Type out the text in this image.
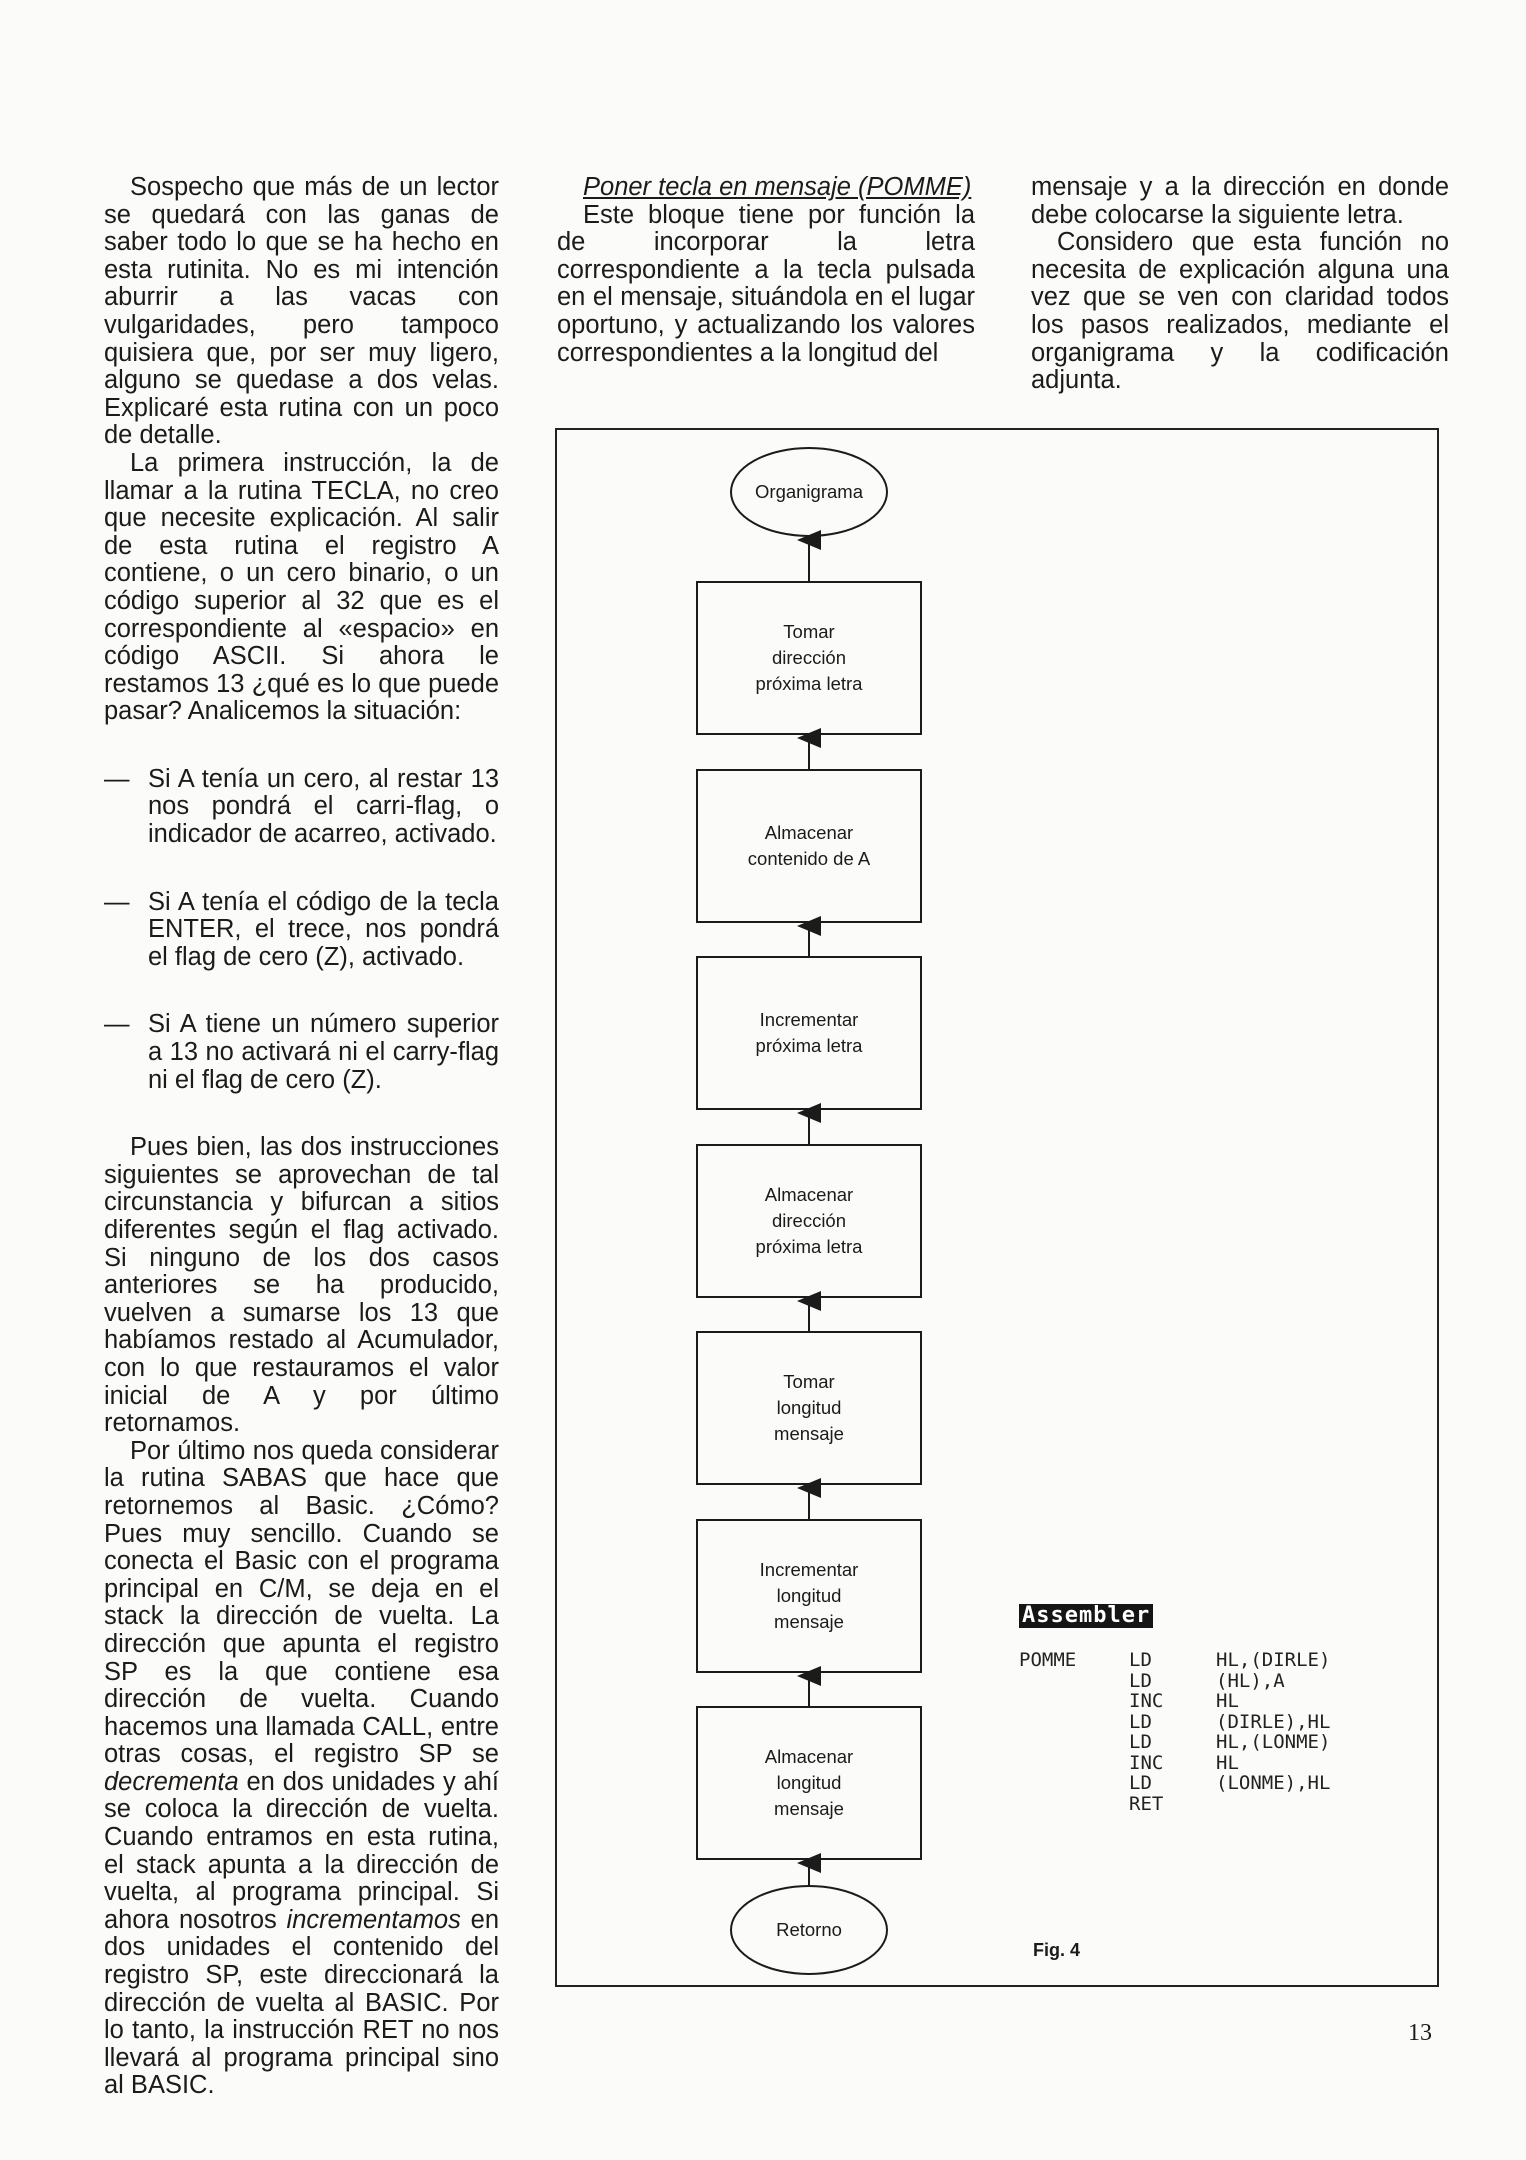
Sospecho que más de un lector se quedará con las ganas de saber todo lo que se ha hecho en esta rutinita. No es mi intención aburrir a las vacas con vulgaridades, pero tampoco quisiera que, por ser muy ligero, alguno se quedase a dos velas. Explicaré esta rutina con un poco de detalle.

La primera instrucción, la de llamar a la rutina TECLA, no creo que necesite explicación. Al salir de esta rutina el registro A contiene, o un cero binario, o un código superior al 32 que es el correspondiente al «espacio» en código ASCII. Si ahora le restamos 13 ¿qué es lo que puede pasar? Analicemos la situación:

— Si A tenía un cero, al restar 13 nos pondrá el carri-flag, o indicador de acarreo, activado.
— Si A tenía el código de la tecla ENTER, el trece, nos pondrá el flag de cero (Z), activado.
— Si A tiene un número superior a 13 no activará ni el carry-flag ni el flag de cero (Z).

Pues bien, las dos instrucciones siguientes se aprovechan de tal circunstancia y bifurcan a sitios diferentes según el flag activado. Si ninguno de los dos casos anteriores se ha producido, vuelven a sumarse los 13 que habíamos restado al Acumulador, con lo que restauramos el valor inicial de A y por último retornamos.

Por último nos queda considerar la rutina SABAS que hace que retornemos al Basic. ¿Cómo? Pues muy sencillo. Cuando se conecta el Basic con el programa principal en C/M, se deja en el stack la dirección de vuelta. La dirección que apunta el registro SP es la que contiene esa dirección de vuelta. Cuando hacemos una llamada CALL, entre otras cosas, el registro SP se decrementa en dos unidades y ahí se coloca la dirección de vuelta. Cuando entramos en esta rutina, el stack apunta a la dirección de vuelta, al programa principal. Si ahora nosotros incrementamos en dos unidades el contenido del registro SP, este direccionará la dirección de vuelta al BASIC. Por lo tanto, la instrucción RET no nos llevará al programa principal sino al BASIC.

Poner tecla en mensaje (POMME)

Este bloque tiene por función la de incorporar la letra correspondiente a la tecla pulsada en el mensaje, situándola en el lugar oportuno, y actualizando los valores correspondientes a la longitud del

mensaje y a la dirección en donde debe colocarse la siguiente letra.

Considero que esta función no necesita de explicación alguna una vez que se ven con claridad todos los pasos realizados, mediante el organigrama y la codificación adjunta.

Organigrama
Tomar
dirección
próxima letra
Almacenar
contenido de A
Incrementar
próxima letra
Almacenar
dirección
próxima letra
Tomar
longitud
mensaje
Incrementar
longitud
mensaje
Almacenar
longitud
mensaje
Retorno
Assembler
POMME	LD	HL,(DIRLE)
LD	(HL),A
INC	HL
LD	(DIRLE),HL
LD	HL,(LONME)
INC	HL
LD	(LONME),HL
RET
Fig. 4
13
